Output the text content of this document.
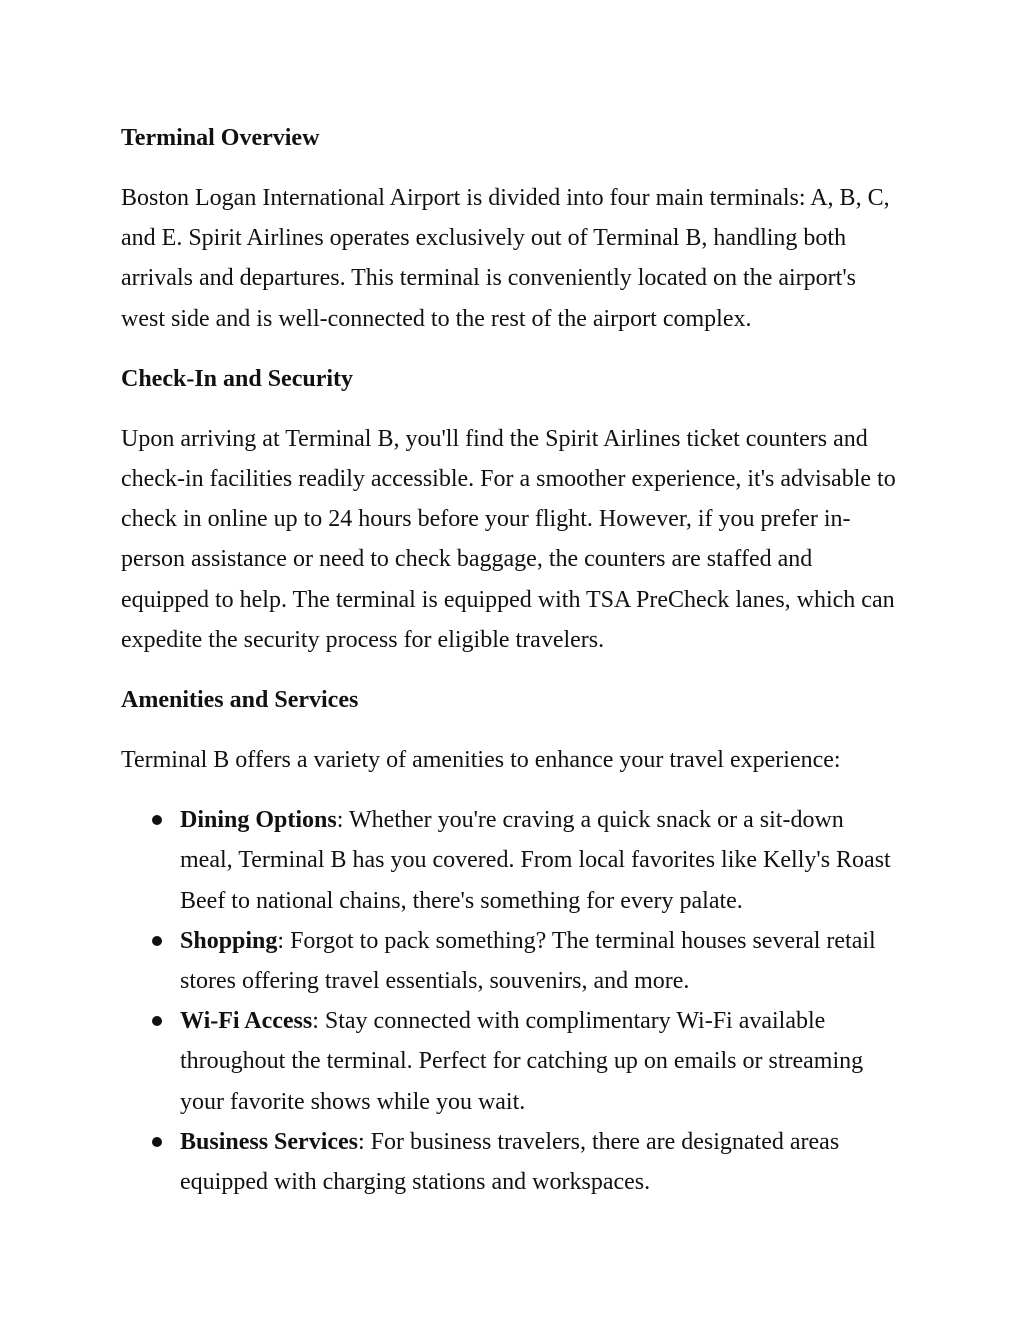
Terminal Overview

Boston Logan International Airport is divided into four main terminals: A, B, C, and E. Spirit Airlines operates exclusively out of Terminal B, handling both arrivals and departures. This terminal is conveniently located on the airport's west side and is well-connected to the rest of the airport complex.

Check-In and Security

Upon arriving at Terminal B, you'll find the Spirit Airlines ticket counters and check-in facilities readily accessible. For a smoother experience, it's advisable to check in online up to 24 hours before your flight. However, if you prefer in-person assistance or need to check baggage, the counters are staffed and equipped to help. The terminal is equipped with TSA PreCheck lanes, which can expedite the security process for eligible travelers.

Amenities and Services

Terminal B offers a variety of amenities to enhance your travel experience:

Dining Options: Whether you're craving a quick snack or a sit-down meal, Terminal B has you covered. From local favorites like Kelly's Roast Beef to national chains, there's something for every palate.
Shopping: Forgot to pack something? The terminal houses several retail stores offering travel essentials, souvenirs, and more.
Wi-Fi Access: Stay connected with complimentary Wi-Fi available throughout the terminal. Perfect for catching up on emails or streaming your favorite shows while you wait.
Business Services: For business travelers, there are designated areas equipped with charging stations and workspaces.
